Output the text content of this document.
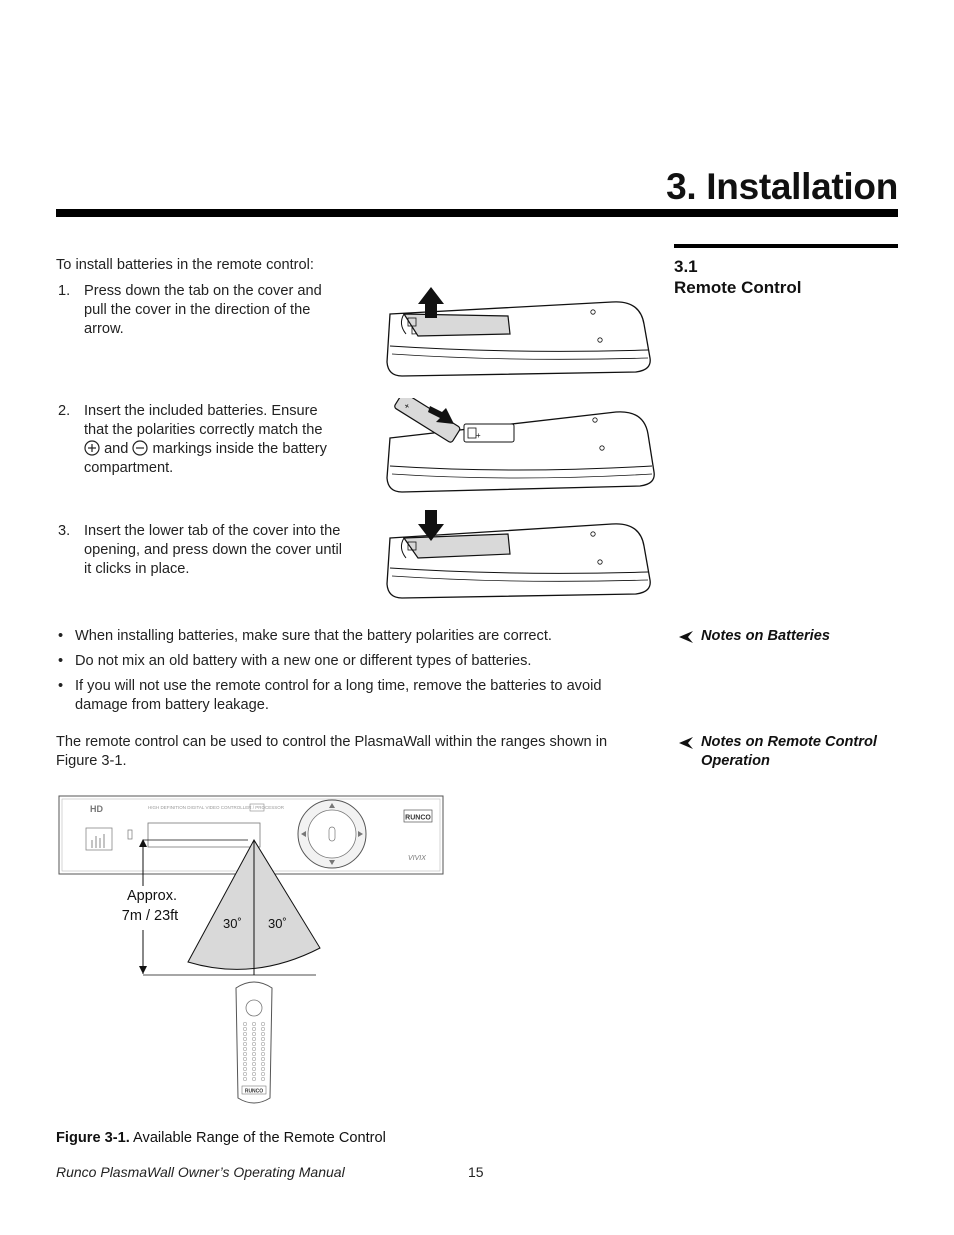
3. Installation
3.1
Remote Control
To install batteries in the remote control:
1. Press down the tab on the cover and
pull the cover in the direction of the
arrow.
2. Insert the included batteries. Ensure
that the polarities correctly match the
and markings inside the battery
compartment.
3. Insert the lower tab of the cover into the
opening, and press down the cover until
it clicks in place.
+
+
• When installing batteries, make sure that the battery polarities are correct.
• Do not mix an old battery with a new one or different types of batteries.
• If you will not use the remote control for a long time, remove the batteries to avoid
damage from battery leakage.
Notes on Batteries
The remote control can be used to control the PlasmaWall within the ranges shown in
Figure 3-1.
Notes on Remote Control
Operation
HD	HIGH DEFINITION DIGITAL VIDEO CONTROLLER / PROCESSOR
RUNCO
VIVIX
Approx.
7m / 23ft	30˚ 30˚
RUNCO
Figure 3-1. Available Range of the Remote Control
Runco PlasmaWall Owner’s Operating Manual	15
